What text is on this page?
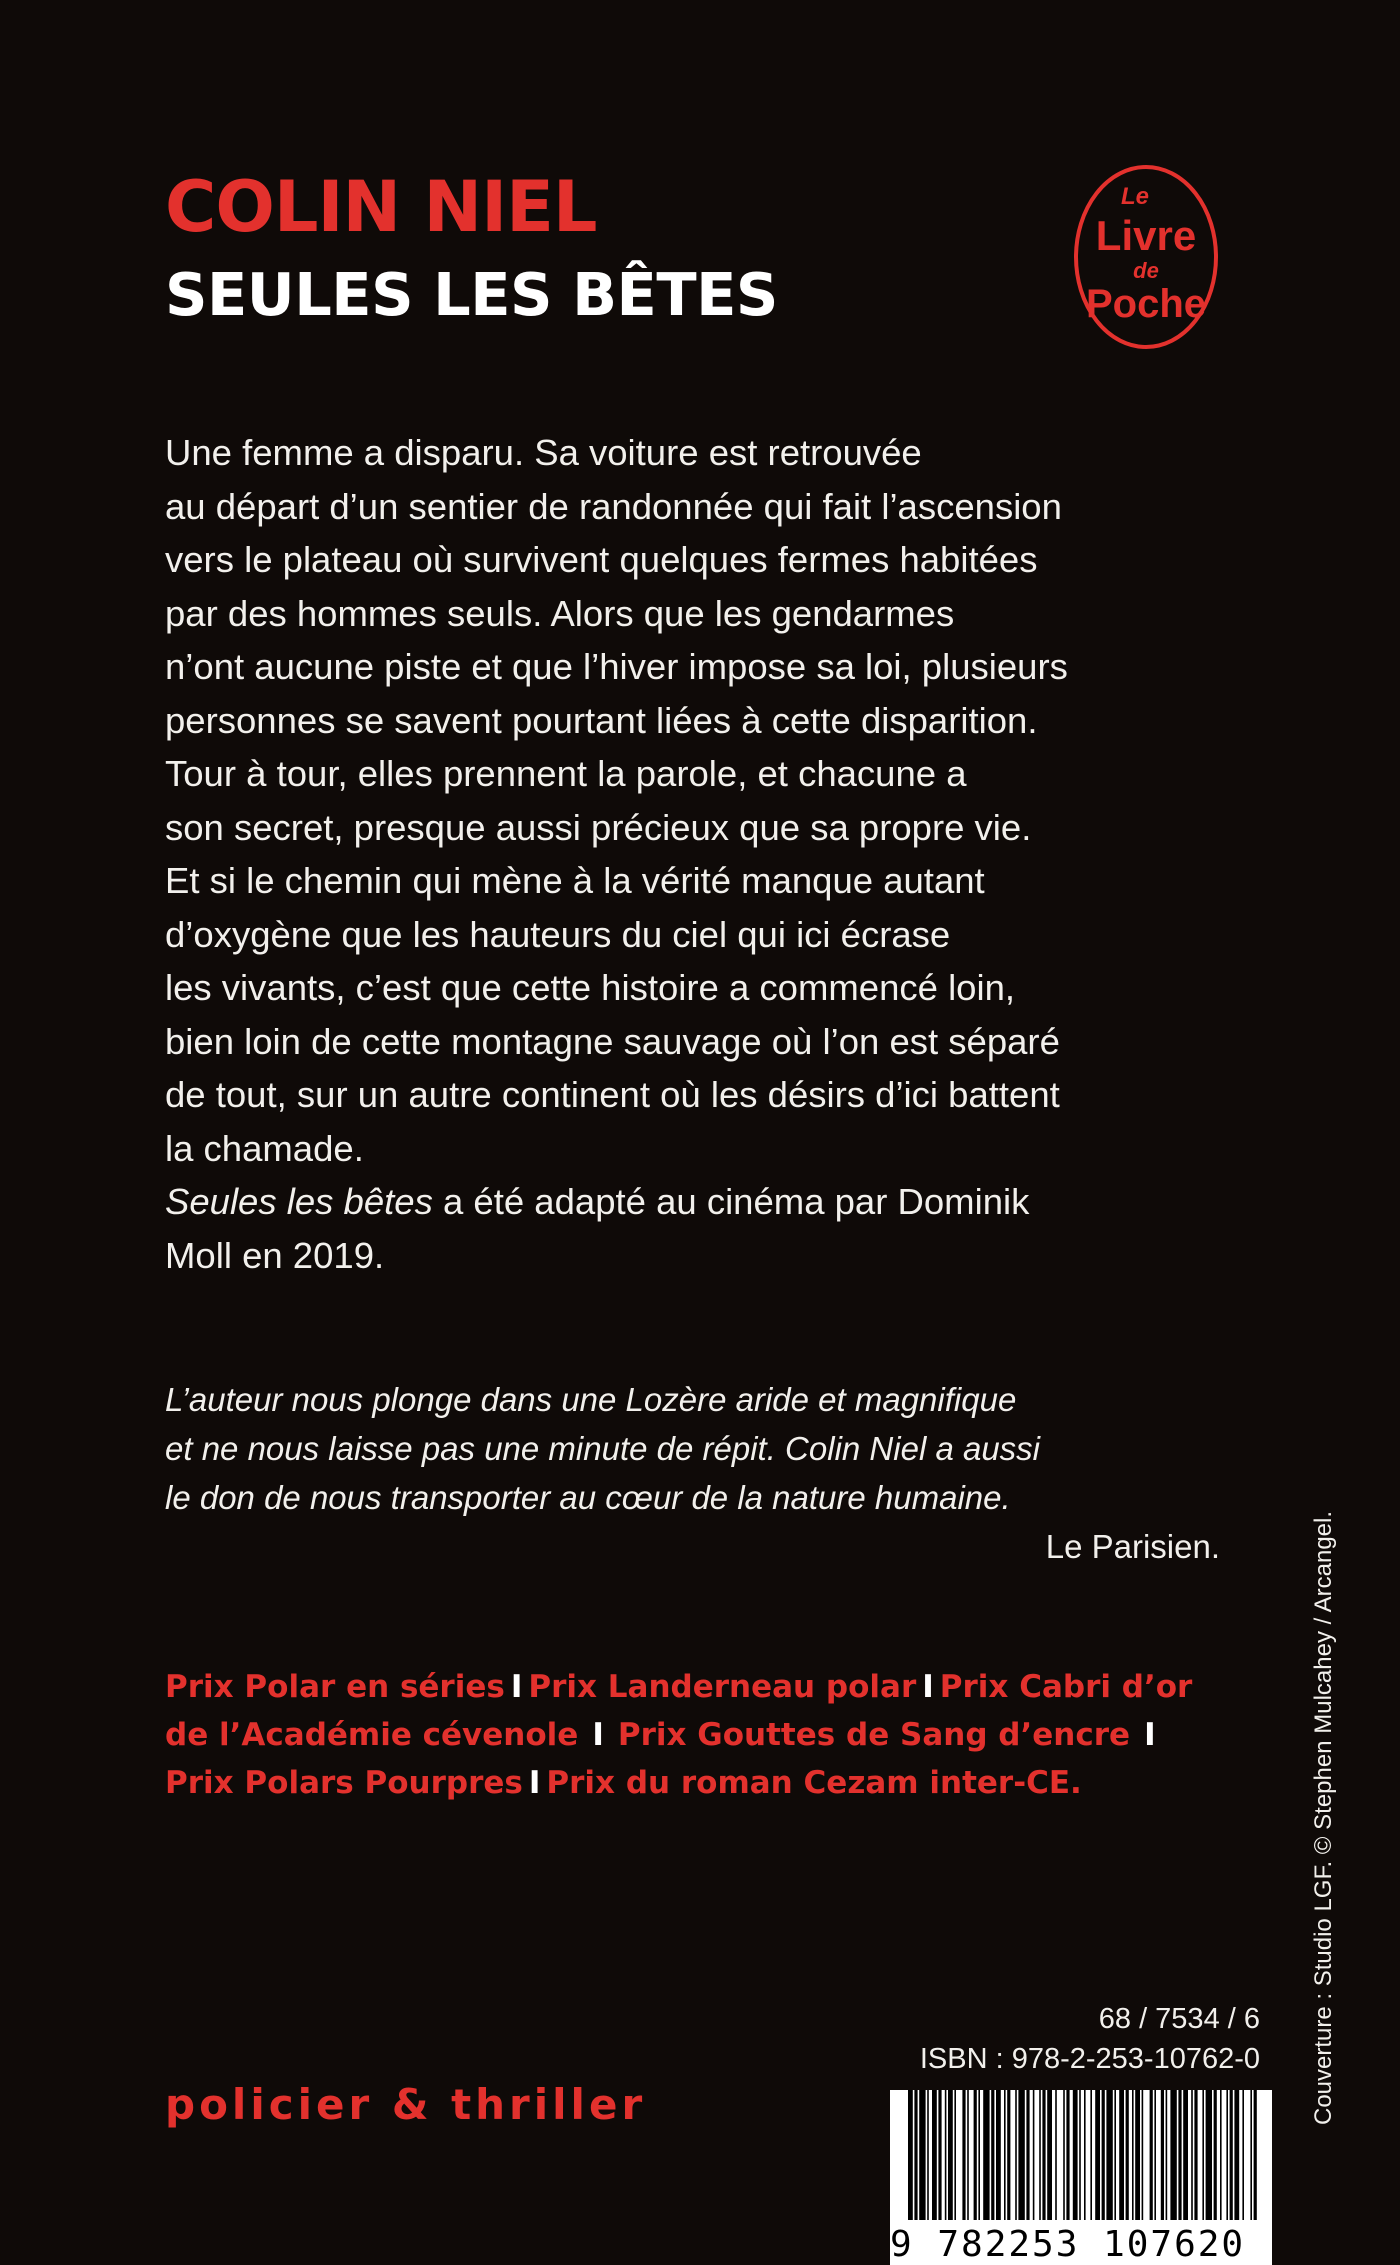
COLIN NIEL
SEULES LES BÊTES
Le
Livre
de
Poche

Une femme a disparu. Sa voiture est retrouvée
au départ d’un sentier de randonnée qui fait l’ascension
vers le plateau où survivent quelques fermes habitées
par des hommes seuls. Alors que les gendarmes
n’ont aucune piste et que l’hiver impose sa loi, plusieurs
personnes se savent pourtant liées à cette disparition.
Tour à tour, elles prennent la parole, et chacune a
son secret, presque aussi précieux que sa propre vie.
Et si le chemin qui mène à la vérité manque autant
d’oxygène que les hauteurs du ciel qui ici écrase
les vivants, c’est que cette histoire a commencé loin,
bien loin de cette montagne sauvage où l’on est séparé
de tout, sur un autre continent où les désirs d’ici battent
la chamade.

Seules les bêtes a été adapté au cinéma par Dominik
Moll en 2019.

L’auteur nous plonge dans une Lozère aride et magnifique
et ne nous laisse pas une minute de répit. Colin Niel a aussi
le don de nous transporter au cœur de la nature humaine.
Le Parisien.
Prix Polar en séries I Prix Landerneau polar I Prix Cabri d’or
de l’Académie cévenole I Prix Gouttes de Sang d’encre I
Prix Polars Pourpres I Prix du roman Cezam inter-CE.	Couverture : Studio LGF. © Stephen Mulcahey / Arcangel.
policier & thriller
68 / 7534 / 6
ISBN : 978-2-253-10762-0
9 782253 107620
